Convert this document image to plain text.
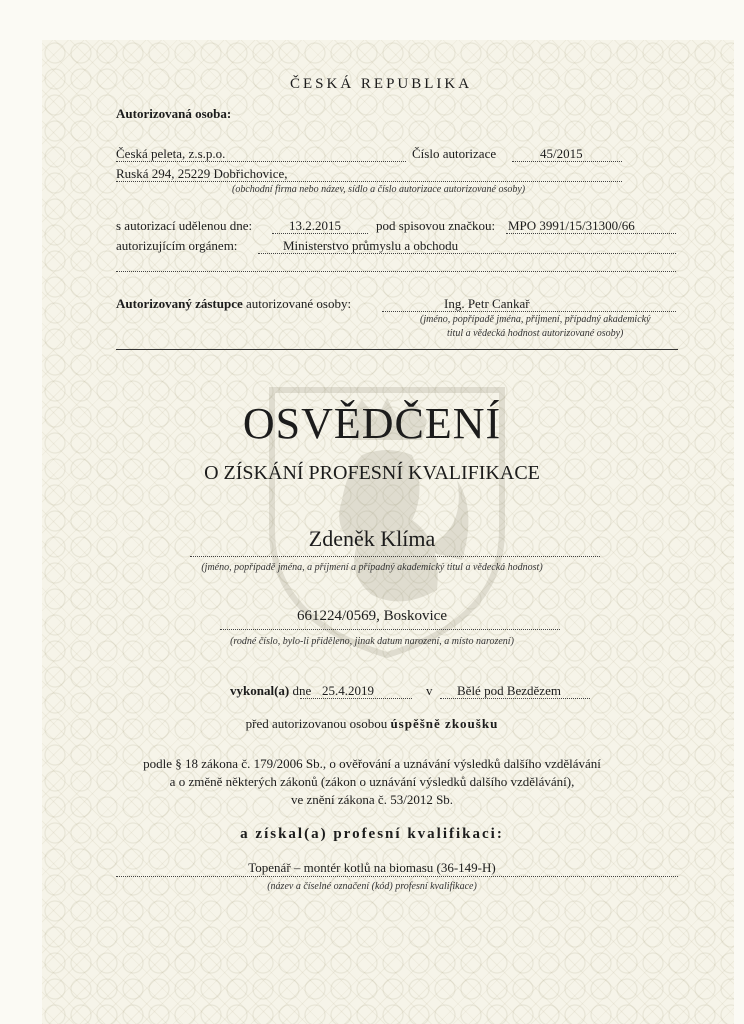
ČESKÁ REPUBLIKA
Autorizovaná osoba:
Česká peleta, z.s.p.o.	Číslo autorizace	45/2015
Ruská 294, 25229 Dobřichovice,
(obchodní firma nebo název, sídlo a číslo autorizace autorizované osoby)
s autorizací udělenou dne:	13.2.2015	pod spisovou značkou: MPO 3991/15/31300/66
autorizujícím orgánem:	Ministerstvo průmyslu a obchodu
Autorizovaný zástupce autorizované osoby:	Ing. Petr Cankař
(jméno, popřípadě jména, příjmení, případný akademický
titul a vědecká hodnost autorizované osoby)
OSVĚDČENÍ
O ZÍSKÁNÍ PROFESNÍ KVALIFIKACE
Zdeněk Klíma
(jméno, popřípadě jména, a příjmení a případný akademický titul a vědecká hodnost)
661224/0569, Boskovice
(rodné číslo, bylo-li přiděleno, jinak datum narození, a místo narození)
vykonal(a) dne 25.4.2019	v Bělé pod Bezdězem
před autorizovanou osobou úspěšně zkoušku
podle § 18 zákona č. 179/2006 Sb., o ověřování a uznávání výsledků dalšího vzdělávání
a o změně některých zákonů (zákon o uznávání výsledků dalšího vzdělávání),
ve znění zákona č. 53/2012 Sb.
a získal(a) profesní kvalifikaci:
Topenář – montér kotlů na biomasu (36-149-H)
(název a číselné označení (kód) profesní kvalifikace)
